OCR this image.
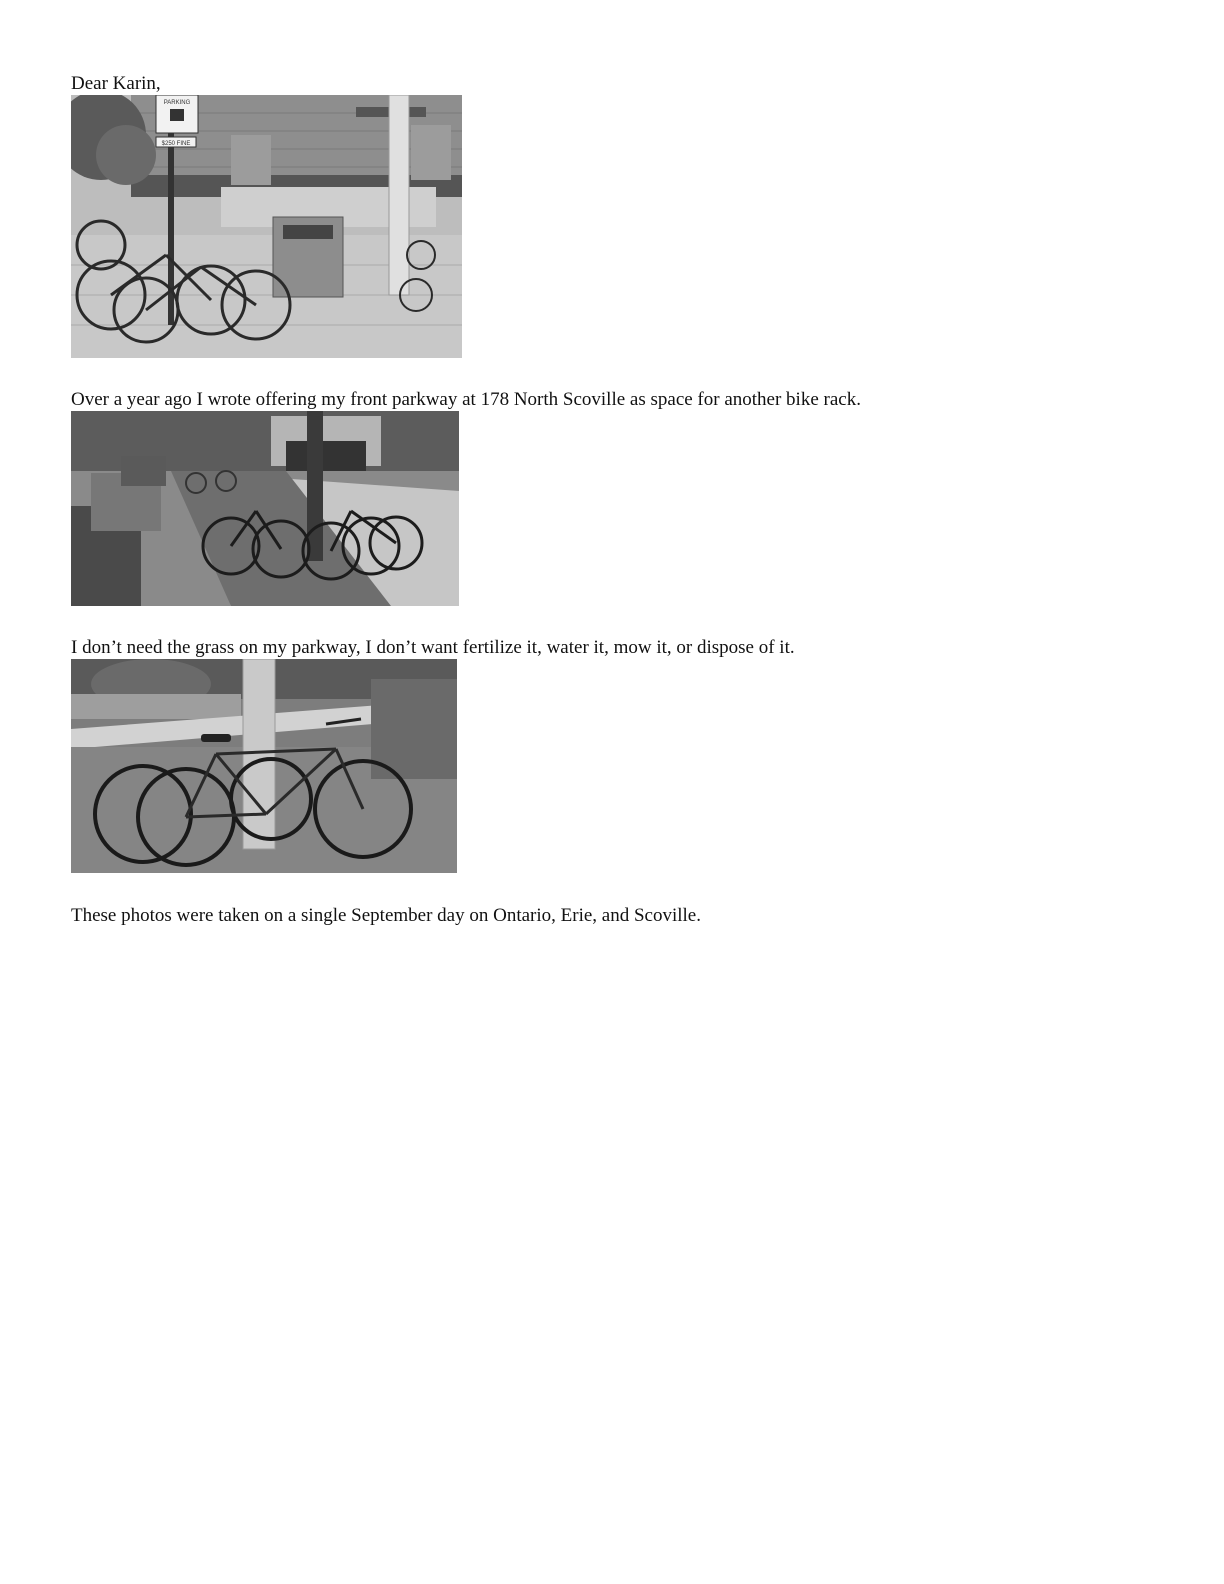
Dear Karin,
PARKING
$250 FINE
Over a year ago I wrote offering my front parkway at 178 North Scoville as space for another bike rack.
I don’t need the grass on my parkway, I don’t want fertilize it, water it, mow it, or dispose of it.
These photos were taken on a single September day on Ontario, Erie, and Scoville.
